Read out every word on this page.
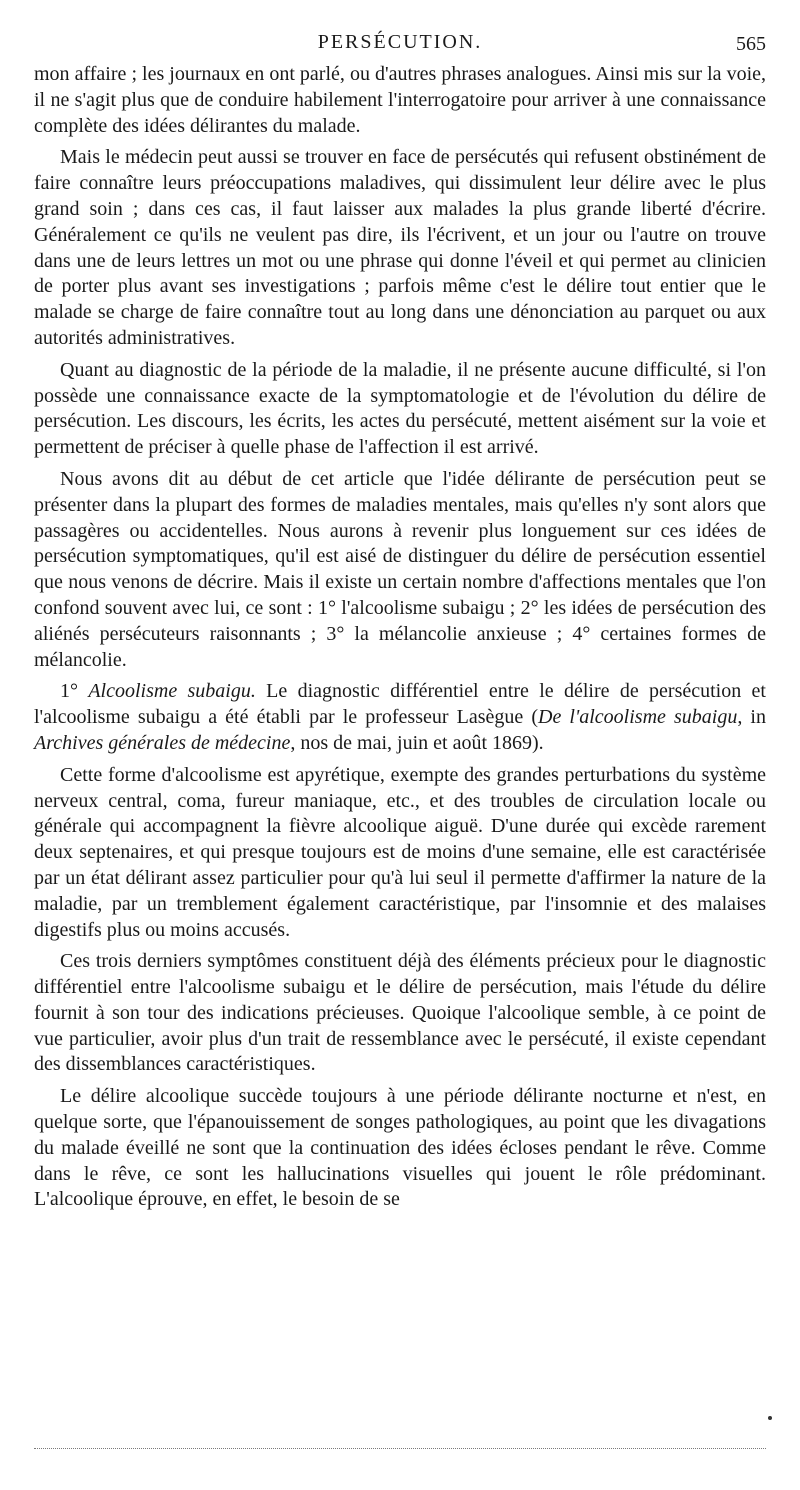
PERSÉCUTION.	565

mon affaire ; les journaux en ont parlé, ou d'autres phrases analogues. Ainsi mis sur la voie, il ne s'agit plus que de conduire habilement l'interrogatoire pour arriver à une connaissance complète des idées délirantes du malade.

Mais le médecin peut aussi se trouver en face de persécutés qui refusent obstinément de faire connaître leurs préoccupations maladives, qui dissimulent leur délire avec le plus grand soin ; dans ces cas, il faut laisser aux malades la plus grande liberté d'écrire. Généralement ce qu'ils ne veulent pas dire, ils l'écrivent, et un jour ou l'autre on trouve dans une de leurs lettres un mot ou une phrase qui donne l'éveil et qui permet au clinicien de porter plus avant ses investigations ; parfois même c'est le délire tout entier que le malade se charge de faire connaître tout au long dans une dénonciation au parquet ou aux autorités administratives.

Quant au diagnostic de la période de la maladie, il ne présente aucune difficulté, si l'on possède une connaissance exacte de la symptomatologie et de l'évolution du délire de persécution. Les discours, les écrits, les actes du persécuté, mettent aisément sur la voie et permettent de préciser à quelle phase de l'affection il est arrivé.

Nous avons dit au début de cet article que l'idée délirante de persécution peut se présenter dans la plupart des formes de maladies mentales, mais qu'elles n'y sont alors que passagères ou accidentelles. Nous aurons à revenir plus longuement sur ces idées de persécution symptomatiques, qu'il est aisé de distinguer du délire de persécution essentiel que nous venons de décrire. Mais il existe un certain nombre d'affections mentales que l'on confond souvent avec lui, ce sont : 1° l'alcoolisme subaigu ; 2° les idées de persécution des aliénés persécuteurs raisonnants ; 3° la mélancolie anxieuse ; 4° certaines formes de mélancolie.

1° Alcoolisme subaigu. Le diagnostic différentiel entre le délire de persécution et l'alcoolisme subaigu a été établi par le professeur Lasègue (De l'alcoolisme subaigu, in Archives générales de médecine, nos de mai, juin et août 1869).

Cette forme d'alcoolisme est apyrétique, exempte des grandes perturbations du système nerveux central, coma, fureur maniaque, etc., et des troubles de circulation locale ou générale qui accompagnent la fièvre alcoolique aiguë. D'une durée qui excède rarement deux septenaires, et qui presque toujours est de moins d'une semaine, elle est caractérisée par un état délirant assez particulier pour qu'à lui seul il permette d'affirmer la nature de la maladie, par un tremblement également caractéristique, par l'insomnie et des malaises digestifs plus ou moins accusés.

Ces trois derniers symptômes constituent déjà des éléments précieux pour le diagnostic différentiel entre l'alcoolisme subaigu et le délire de persécution, mais l'étude du délire fournit à son tour des indications précieuses. Quoique l'alcoolique semble, à ce point de vue particulier, avoir plus d'un trait de ressemblance avec le persécuté, il existe cependant des dissemblances caractéristiques.

Le délire alcoolique succède toujours à une période délirante nocturne et n'est, en quelque sorte, que l'épanouissement de songes pathologiques, au point que les divagations du malade éveillé ne sont que la continuation des idées écloses pendant le rêve. Comme dans le rêve, ce sont les hallucinations visuelles qui jouent le rôle prédominant. L'alcoolique éprouve, en effet, le besoin de se
